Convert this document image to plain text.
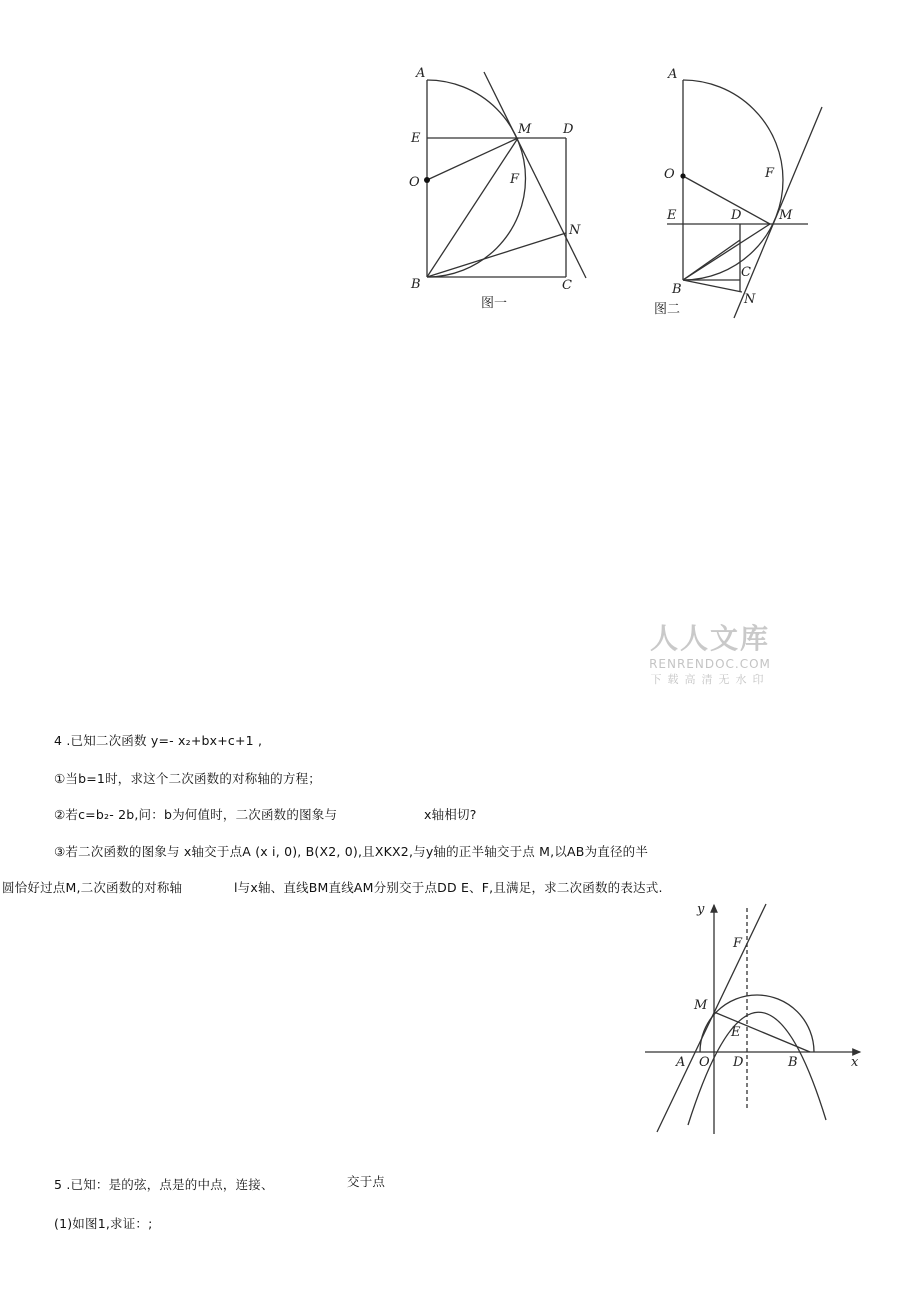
A
E
O
M D
F
N
B	C
图一
A
O	F
E	D	M
C
B
N
图二
人人文库
RENRENDOC.COM
下载高清无水印
4 .已知二次函数 y=- x₂+bx+c+1 ,
①当b=1时，求这个二次函数的对称轴的方程；
②若c=b₂- 2b,问：b为何值时，二次函数的图象与	x轴相切?
③若二次函数的图象与 x轴交于点A (x i, 0), B(X2, 0),且XKX2,与y轴的正半轴交于点 M,以AB为直径的半
圆恰好过点M,二次函数的对称轴	l与x轴、直线BM直线AM分别交于点DD E、F,且满足，求二次函数的表达式.
y
x
F
M
E
A O D	B
5 .已知：是的弦，点是的中点，连接、	交于点
(1)如图1,求证：;
